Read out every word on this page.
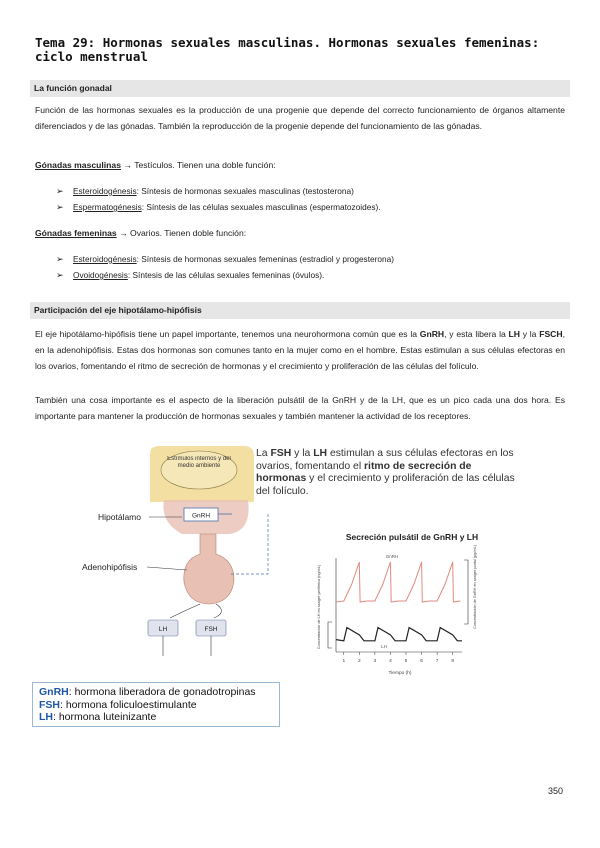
Tema 29: Hormonas sexuales masculinas. Hormonas sexuales femeninas: ciclo menstrual
La función gonadal
Función de las hormonas sexuales es la producción de una progenie que depende del correcto funcionamiento de órganos altamente diferenciados y de las gónadas. También la reproducción de la progenie depende del funcionamiento de las gónadas.
Gónadas masculinas → Testículos. Tienen una doble función:
➢ Esteroidogénesis: Síntesis de hormonas sexuales masculinas (testosterona)
➢ Espermatogénesis: Síntesis de las células sexuales masculinas (espermatozoides).
Gónadas femeninas → Ovarios. Tienen doble función:
➢ Esteroidogénesis: Síntesis de hormonas sexuales femeninas (estradiol y progesterona)
➢ Ovoidogénesis: Síntesis de las células sexuales femeninas (óvulos).
Participación del eje hipotálamo-hipófisis
El eje hipotálamo-hipófisis tiene un papel importante, tenemos una neurohormona común que es la GnRH, y esta libera la LH y la FSCH, en la adenohipófisis. Estas dos hormonas son comunes tanto en la mujer como en el hombre. Estas estimulan a sus células efectoras en los ovarios, fomentando el ritmo de secreción de hormonas y el crecimiento y proliferación de las células del folículo.
También una cosa importante es el aspecto de la liberación pulsátil de la GnRH y de la LH, que es un pico cada una dos hora. Es importante para mantener la producción de hormonas sexuales y también mantener la actividad de los receptores.
Estímulos internos y del medio ambiente
GnRH
Hipotálamo
Adenohipófisis
LH	FSH
La FSH y la LH estimulan a sus células efectoras en los ovarios, fomentando el ritmo de secreción de hormonas y el crecimiento y proliferación de las células del folículo.
Secreción pulsátil de GnRH y LH
Concentración de LH en sangre periférica (ng/mL)	Concentración de GnRH en sangre portal (pg/mL)
Tiempo (h)
1	2	3	4	5	6	7	8
GnRH
LH
GnRH: hormona liberadora de gonadotropinas
FSH: hormona foliculoestimulante
LH: hormona luteinizante
350
